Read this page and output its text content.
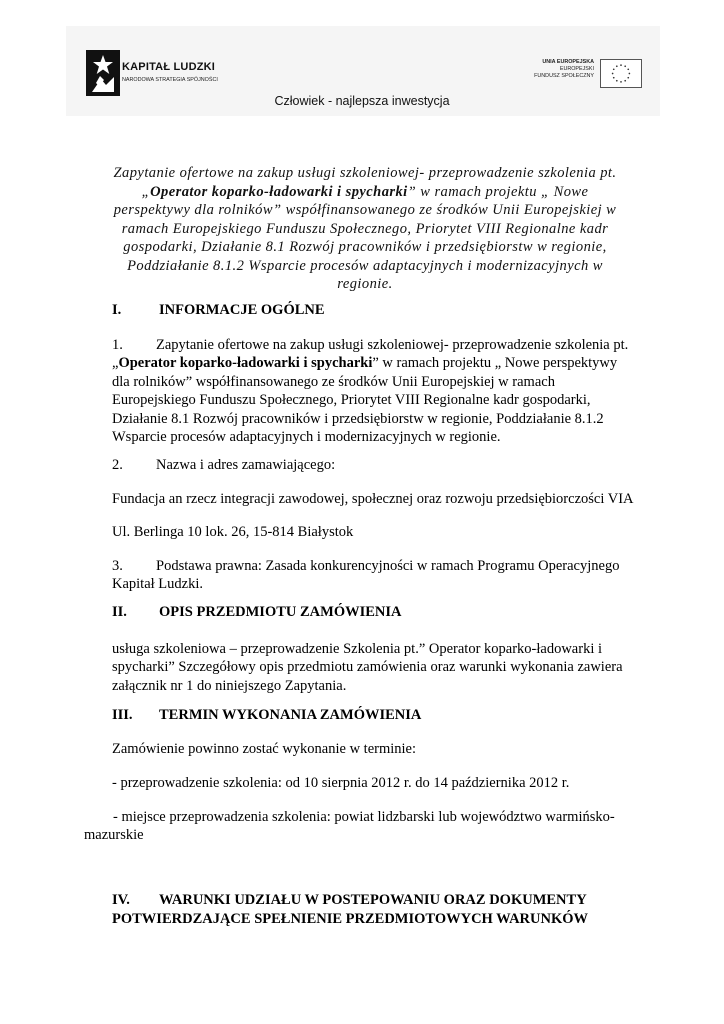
KAPITAŁ LUDZKI
NARODOWA STRATEGIA SPÓJNOŚCI
UNIA EUROPEJSKA
EUROPEJSKI
FUNDUSZ SPOŁECZNY
Człowiek - najlepsza inwestycja
Zapytanie ofertowe na zakup usługi szkoleniowej- przeprowadzenie szkolenia pt. „Operator koparko-ładowarki i spycharki” w ramach projektu „ Nowe perspektywy dla rolników” współfinansowanego ze środków Unii Europejskiej w ramach Europejskiego Funduszu Społecznego, Priorytet VIII Regionalne kadr gospodarki, Działanie 8.1 Rozwój pracowników i przedsiębiorstw w regionie, Poddziałanie 8.1.2 Wsparcie procesów adaptacyjnych i modernizacyjnych w regionie.
I.	INFORMACJE OGÓLNE
1. Zapytanie ofertowe na zakup usługi szkoleniowej- przeprowadzenie szkolenia pt.
„Operator koparko-ładowarki i spycharki” w ramach projektu „ Nowe perspektywy
dla rolników” współfinansowanego ze środków Unii Europejskiej w ramach
Europejskiego Funduszu Społecznego, Priorytet VIII Regionalne kadr gospodarki,
Działanie 8.1 Rozwój pracowników i przedsiębiorstw w regionie, Poddziałanie 8.1.2
Wsparcie procesów adaptacyjnych i modernizacyjnych w regionie.
2. Nazwa i adres zamawiającego:
Fundacja an rzecz integracji zawodowej, społecznej oraz rozwoju przedsiębiorczości VIA
Ul. Berlinga 10 lok. 26, 15-814 Białystok
3. Podstawa prawna: Zasada konkurencyjności w ramach Programu Operacyjnego
Kapitał Ludzki.
II. OPIS PRZEDMIOTU ZAMÓWIENIA
usługa szkoleniowa – przeprowadzenie Szkolenia pt.” Operator koparko-ładowarki i
spycharki” Szczegółowy opis przedmiotu zamówienia oraz warunki wykonania zawiera
załącznik nr 1 do niniejszego Zapytania.
III. TERMIN WYKONANIA ZAMÓWIENIA
Zamówienie powinno zostać wykonanie w terminie:
- przeprowadzenie szkolenia: od 10 sierpnia 2012 r. do 14 października 2012 r.
- miejsce przeprowadzenia szkolenia: powiat lidzbarski lub województwo warmińsko-
mazurskie
IV. WARUNKI UDZIAŁU W POSTEPOWANIU ORAZ DOKUMENTY
POTWIERDZAJĄCE SPEŁNIENIE PRZEDMIOTOWYCH WARUNKÓW
